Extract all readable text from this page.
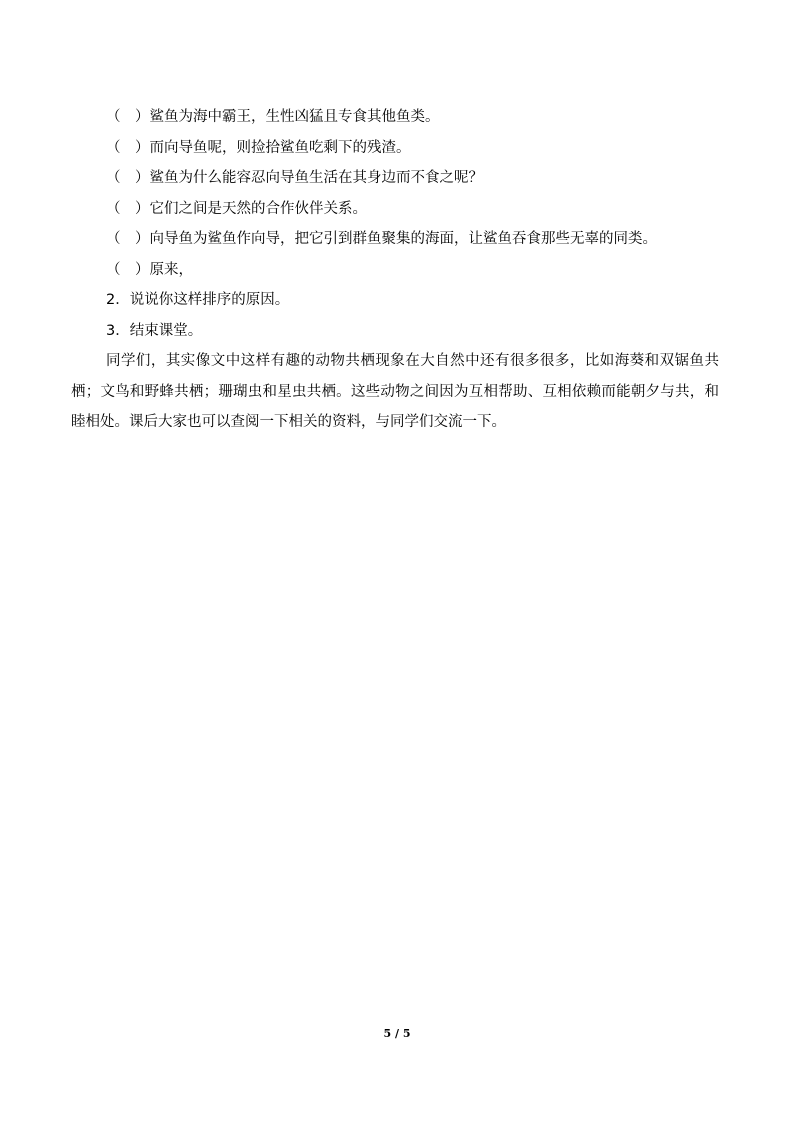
（　）鲨鱼为海中霸王，生性凶猛且专食其他鱼类。
（　）而向导鱼呢，则捡拾鲨鱼吃剩下的残渣。
（　）鲨鱼为什么能容忍向导鱼生活在其身边而不食之呢？
（　）它们之间是天然的合作伙伴关系。
（　）向导鱼为鲨鱼作向导，把它引到群鱼聚集的海面，让鲨鱼吞食那些无辜的同类。
（　）原来，
2．说说你这样排序的原因。
3．结束课堂。

同学们，其实像文中这样有趣的动物共栖现象在大自然中还有很多很多，比如海葵和双锯鱼共栖；文鸟和野蜂共栖；珊瑚虫和星虫共栖。这些动物之间因为互相帮助、互相依赖而能朝夕与共，和睦相处。课后大家也可以查阅一下相关的资料，与同学们交流一下。

5 / 5
